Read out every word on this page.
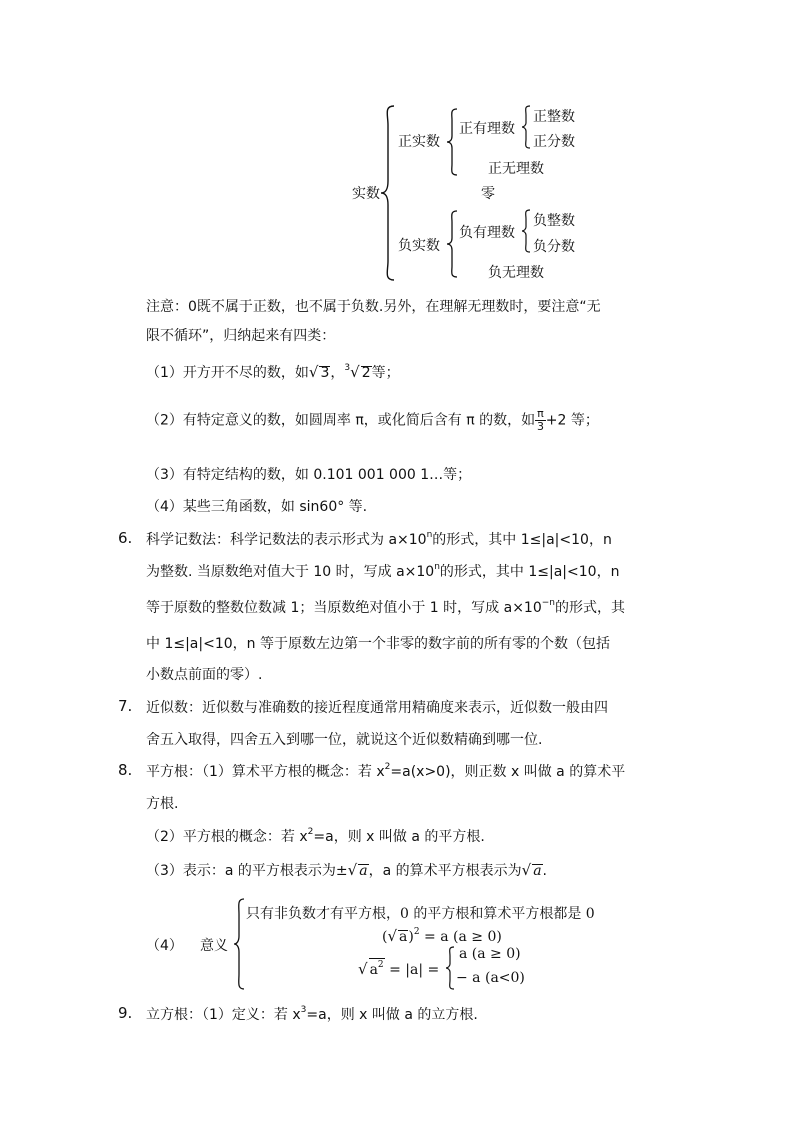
实数
正实数
正有理数
正整数
正分数
正无理数
零
负实数
负有理数
负整数
负分数
负无理数
注意：0既不属于正数，也不属于负数.另外，在理解无理数时，要注意“无
限不循环”，归纳起来有四类：
（1）开方开不尽的数，如√ 3，$^3$√ 2等；
（2）有特定意义的数，如圆周率 π，或化简后含有 π 的数，如 $\frac{\pi}{3} +2$ 等；
（3）有特定结构的数，如 0.101 001 000 1…等；
（4）某些三角函数，如 sin60° 等.
6. 科学记数法：科学记数法的表示形式为 $a\times 10^n$的形式，其中 1≤|a|<10，n
为整数. 当原数绝对值大于 10 时，写成 $a\times 10^n$的形式，其中 1≤|a|<10，n
等于原数的整数位数减 1；当原数绝对值小于 1 时，写成 $a\times 10^{-n}$的形式，其
中 1≤|a|<10，n 等于原数左边第一个非零的数字前的所有零的个数（包括
小数点前面的零）.
7. 近似数：近似数与准确数的接近程度通常用精确度来表示，近似数一般由四
舍五入取得，四舍五入到哪一位，就说这个近似数精确到哪一位.
8. 平方根：（1）算术平方根的概念：若 $x^2=a(x>0)$，则正数 x 叫做 a 的算术平
方根.
（2）平方根的概念：若 $x^2=a$，则 x 叫做 a 的平方根.
（3）表示：a 的平方根表示为±√ a，a 的算术平方根表示为√ a.
（4） 意义
只有非负数才有平方根，0 的平方根和算术平方根都是 0
(√ a)$^2$ = a (a ≥ 0)
√ $a^2 = |a|$ =
a (a ≥ 0)
− a (a<0)
9. 立方根：（1）定义：若 $x^3=a$，则 x 叫做 a 的立方根.
